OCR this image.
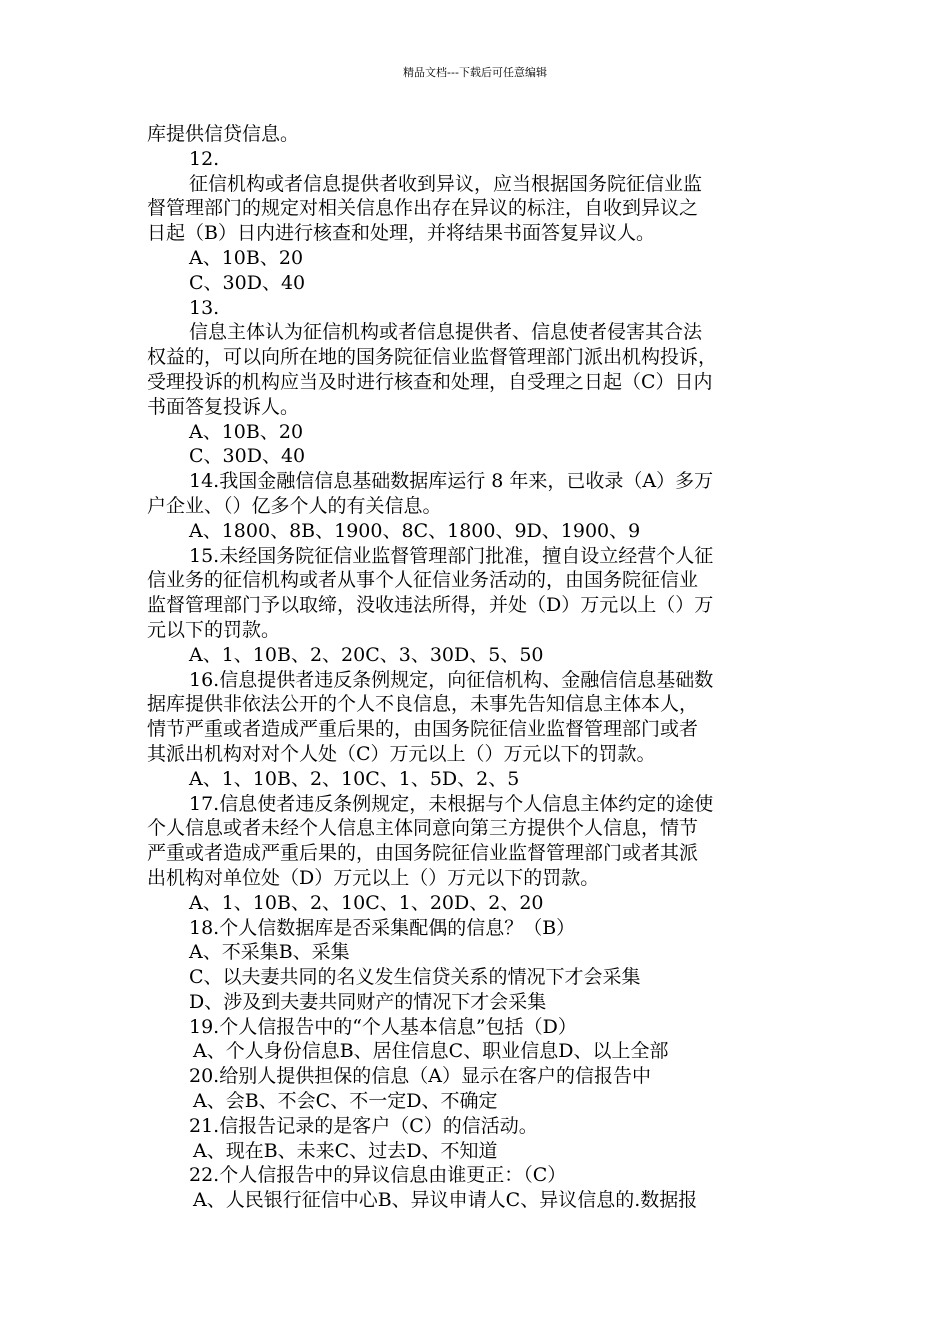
精品文档---下载后可任意编辑
库提供信贷信息。
12.
征信机构或者信息提供者收到异议，应当根据国务院征信业监
督管理部门的规定对相关信息作出存在异议的标注，自收到异议之
日起（B）日内进行核查和处理，并将结果书面答复异议人。
A、10B、20
C、30D、40
13.
信息主体认为征信机构或者信息提供者、信息使者侵害其合法
权益的，可以向所在地的国务院征信业监督管理部门派出机构投诉，
受理投诉的机构应当及时进行核查和处理，自受理之日起（C）日内
书面答复投诉人。
A、10B、20
C、30D、40
14.我国金融信信息基础数据库运行 8 年来，已收录（A）多万
户企业、（）亿多个人的有关信息。
A、1800、8B、1900、8C、1800、9D、1900、9
15.未经国务院征信业监督管理部门批准，擅自设立经营个人征
信业务的征信机构或者从事个人征信业务活动的，由国务院征信业
监督管理部门予以取缔，没收违法所得，并处（D）万元以上（）万
元以下的罚款。
A、1、10B、2、20C、3、30D、5、50
16.信息提供者违反条例规定，向征信机构、金融信信息基础数
据库提供非依法公开的个人不良信息，未事先告知信息主体本人，
情节严重或者造成严重后果的，由国务院征信业监督管理部门或者
其派出机构对对个人处（C）万元以上（）万元以下的罚款。
A、1、10B、2、10C、1、5D、2、5
17.信息使者违反条例规定，未根据与个人信息主体约定的途使
个人信息或者未经个人信息主体同意向第三方提供个人信息，情节
严重或者造成严重后果的，由国务院征信业监督管理部门或者其派
出机构对单位处（D）万元以上（）万元以下的罚款。
A、1、10B、2、10C、1、20D、2、20
18.个人信数据库是否采集配偶的信息？（B）
A、不采集B、采集
C、以夫妻共同的名义发生信贷关系的情况下才会采集
D、涉及到夫妻共同财产的情况下才会采集
19.个人信报告中的“个人基本信息”包括（D）
A、个人身份信息B、居住信息C、职业信息D、以上全部
20.给别人提供担保的信息（A）显示在客户的信报告中
A、会B、不会C、不一定D、不确定
21.信报告记录的是客户（C）的信活动。
A、现在B、未来C、过去D、不知道
22.个人信报告中的异议信息由谁更正：（C）
A、人民银行征信中心B、异议申请人C、异议信息的.数据报
